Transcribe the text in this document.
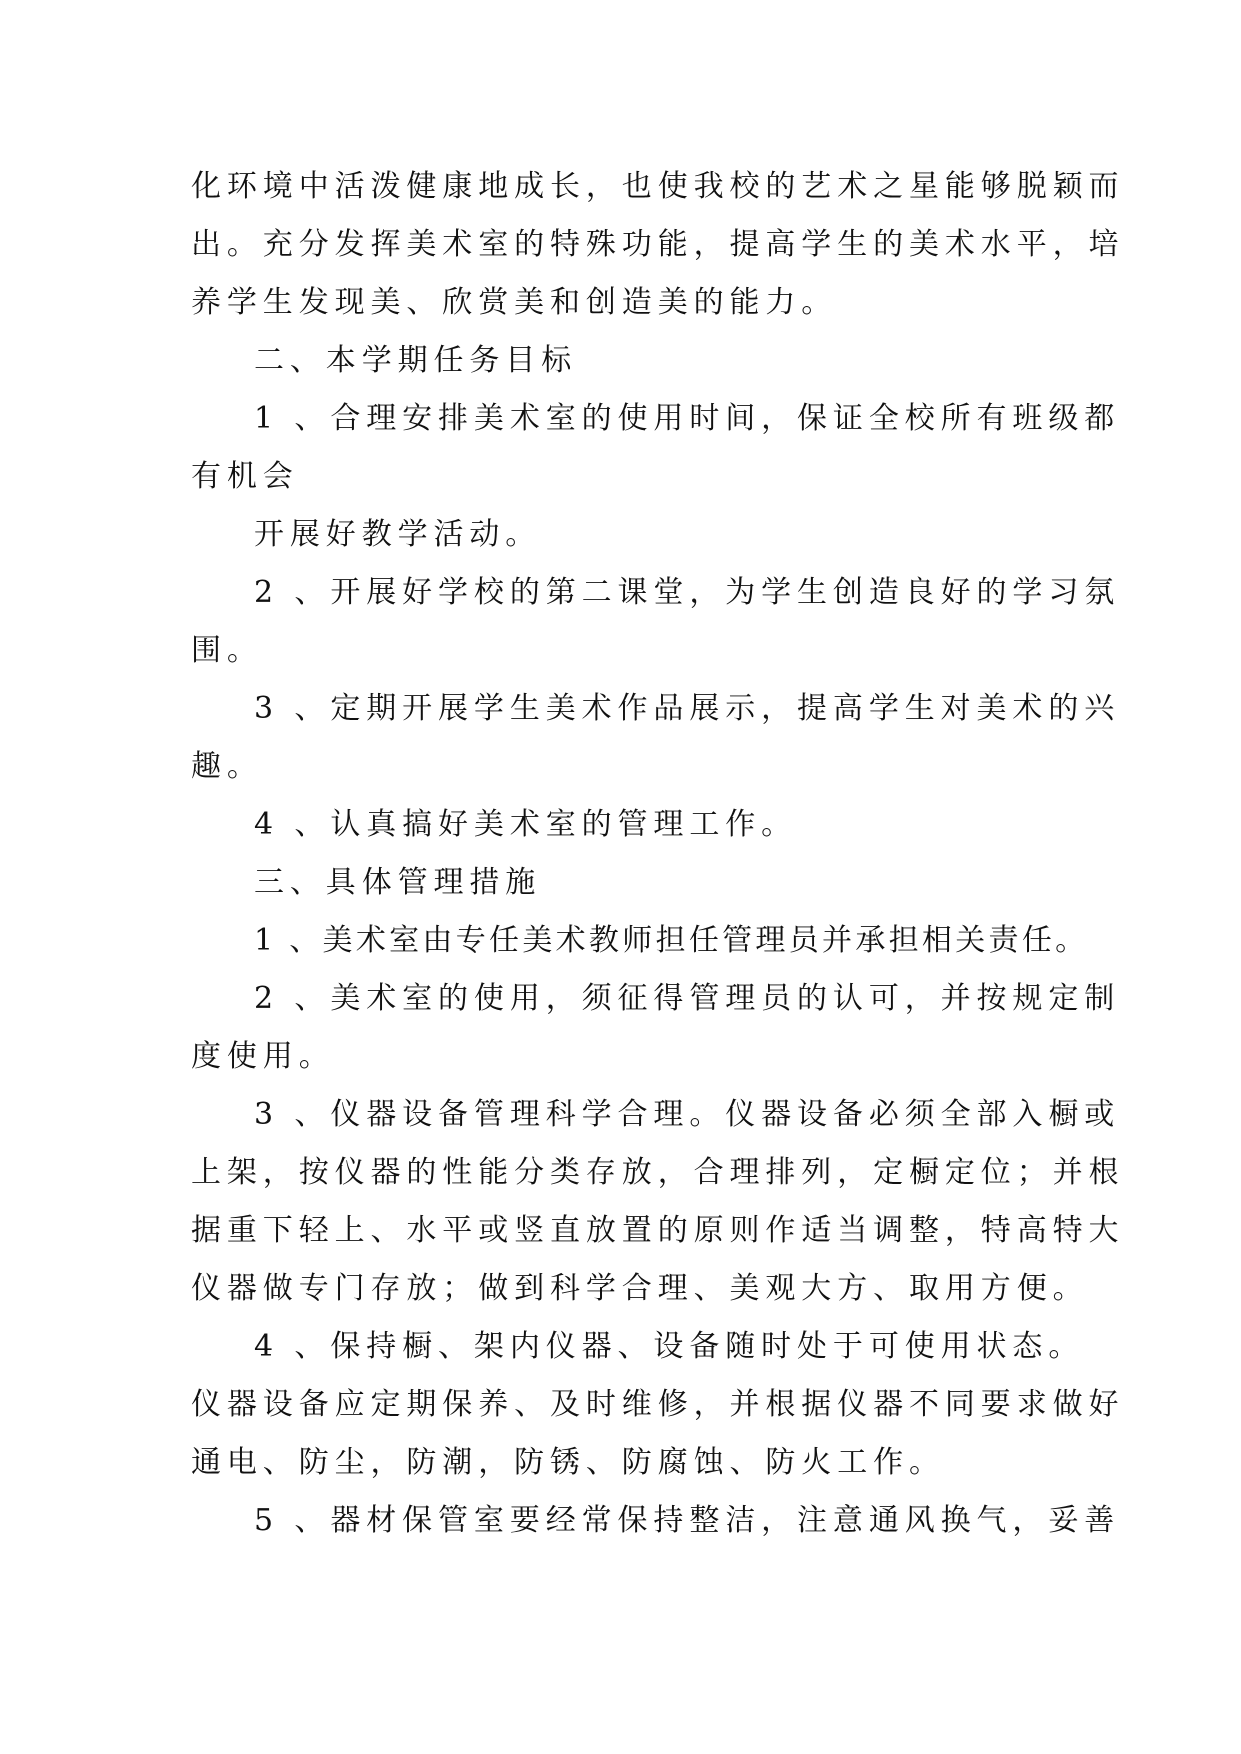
化环境中活泼健康地成长，也使我校的艺术之星能够脱颖而
出。充分发挥美术室的特殊功能，提高学生的美术水平，培
养学生发现美、欣赏美和创造美的能力。
二、本学期任务目标
1 、合理安排美术室的使用时间，保证全校所有班级都
有机会
开展好教学活动。
2 、开展好学校的第二课堂，为学生创造良好的学习氛
围。
3 、定期开展学生美术作品展示，提高学生对美术的兴
趣。
4 、认真搞好美术室的管理工作。
三、具体管理措施
1 、美术室由专任美术教师担任管理员并承担相关责任。
2 、美术室的使用，须征得管理员的认可，并按规定制
度使用。
3 、仪器设备管理科学合理。仪器设备必须全部入橱或
上架，按仪器的性能分类存放，合理排列，定橱定位；并根
据重下轻上、水平或竖直放置的原则作适当调整，特高特大
仪器做专门存放；做到科学合理、美观大方、取用方便。
4 、保持橱、架内仪器、设备随时处于可使用状态。
仪器设备应定期保养、及时维修，并根据仪器不同要求做好
通电、防尘，防潮，防锈、防腐蚀、防火工作。
5 、器材保管室要经常保持整洁，注意通风换气，妥善
